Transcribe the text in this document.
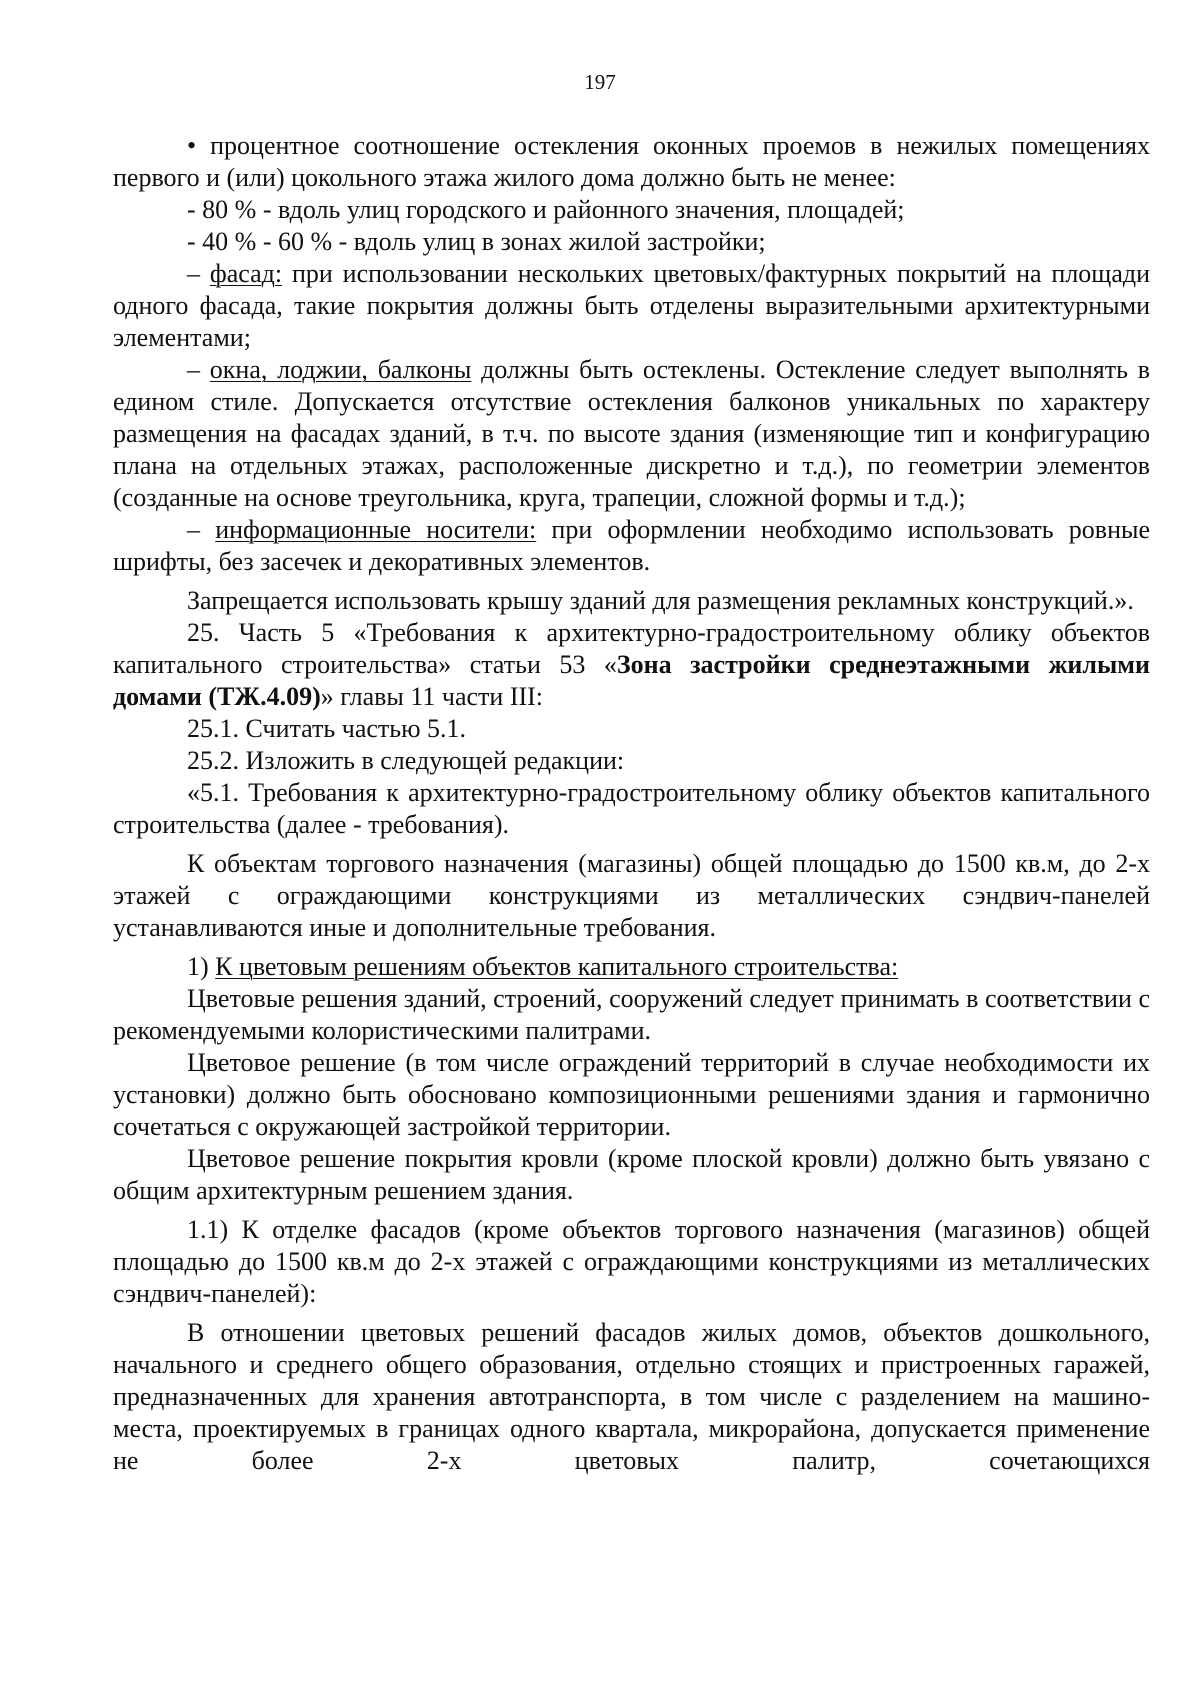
197

• процентное соотношение остекления оконных проемов в нежилых помещениях первого и (или) цокольного этажа жилого дома должно быть не менее:

- 80 % - вдоль улиц городского и районного значения, площадей;

- 40 % - 60 % - вдоль улиц в зонах жилой застройки;

– фасад: при использовании нескольких цветовых/фактурных покрытий на площади одного фасада, такие покрытия должны быть отделены выразительными архитектурными элементами;

– окна, лоджии, балконы должны быть остеклены. Остекление следует выполнять в едином стиле. Допускается отсутствие остекления балконов уникальных по характеру размещения на фасадах зданий, в т.ч. по высоте здания (изменяющие тип и конфигурацию плана на отдельных этажах, расположенные дискретно и т.д.), по геометрии элементов (созданные на основе треугольника, круга, трапеции, сложной формы и т.д.);

– информационные носители: при оформлении необходимо использовать ровные шрифты, без засечек и декоративных элементов.

Запрещается использовать крышу зданий для размещения рекламных конструкций.».

25. Часть 5 «Требования к архитектурно-градостроительному облику объектов капитального строительства» статьи 53 «Зона застройки среднеэтажными жилыми домами (ТЖ.4.09)» главы 11 части III:

25.1. Считать частью 5.1.

25.2. Изложить в следующей редакции:

«5.1. Требования к архитектурно-градостроительному облику объектов капитального строительства (далее - требования).

К объектам торгового назначения (магазины) общей площадью до 1500 кв.м, до 2-х этажей с ограждающими конструкциями из металлических сэндвич-панелей устанавливаются иные и дополнительные требования.

1) К цветовым решениям объектов капитального строительства:

Цветовые решения зданий, строений, сооружений следует принимать в соответствии с рекомендуемыми колористическими палитрами.

Цветовое решение (в том числе ограждений территорий в случае необходимости их установки) должно быть обосновано композиционными решениями здания и гармонично сочетаться с окружающей застройкой территории.

Цветовое решение покрытия кровли (кроме плоской кровли) должно быть увязано с общим архитектурным решением здания.

1.1) К отделке фасадов (кроме объектов торгового назначения (магазинов) общей площадью до 1500 кв.м до 2-х этажей с ограждающими конструкциями из металлических сэндвич-панелей):

В отношении цветовых решений фасадов жилых домов, объектов дошкольного, начального и среднего общего образования, отдельно стоящих и пристроенных гаражей, предназначенных для хранения автотранспорта, в том числе с разделением на машино-места, проектируемых в границах одного квартала, микрорайона, допускается применение не более 2-х цветовых палитр, сочетающихся
